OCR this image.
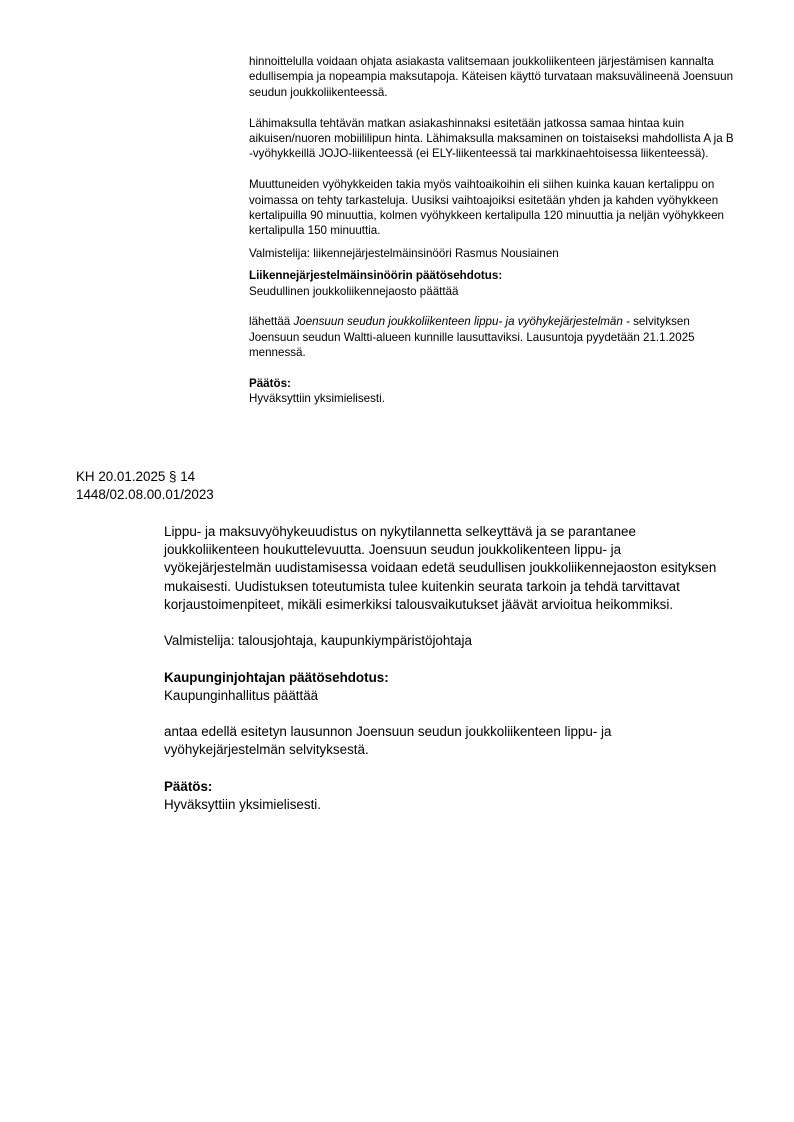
hinnoittelulla voidaan ohjata asiakasta valitsemaan joukkoliikenteen järjestämisen kannalta edullisempia ja nopeampia maksutapoja. Käteisen käyttö turvataan maksuvälineenä Joensuun seudun joukkoliikenteessä.

Lähimaksulla tehtävän matkan asiakashinnaksi esitetään jatkossa samaa hintaa kuin aikuisen/nuoren mobiililipun hinta. Lähimaksulla maksaminen on toistaiseksi mahdollista A ja B -vyöhykkeillä JOJO-liikenteessä (ei ELY-liikenteessä tai markkinaehtoisessa liikenteessä).

Muuttuneiden vyöhykkeiden takia myös vaihtoaikoihin eli siihen kuinka kauan kertalippu on voimassa on tehty tarkasteluja. Uusiksi vaihtoajoiksi esitetään yhden ja kahden vyöhykkeen kertalipuilla 90 minuuttia, kolmen vyöhykkeen kertalipulla 120 minuuttia ja neljän vyöhykkeen kertalipulla 150 minuuttia.

Valmistelija: liikennejärjestelmäinsinööri Rasmus Nousiainen

Liikennejärjestelmäinsinöörin päätösehdotus:
Seudullinen joukkoliikennejaosto päättää

lähettää Joensuun seudun joukkoliikenteen lippu- ja vyöhykejärjestelmän - selvityksen Joensuun seudun Waltti-alueen kunnille lausuttaviksi. Lausuntoja pyydetään 21.1.2025 mennessä.

Päätös:
Hyväksyttiin yksimielisesti.

KH 20.01.2025 § 14
1448/02.08.00.01/2023

Lippu- ja maksuvyöhykeuudistus on nykytilannetta selkeyttävä ja se parantanee joukkoliikenteen houkuttelevuutta. Joensuun seudun joukkolikenteen lippu- ja vyökejärjestelmän uudistamisessa voidaan edetä seudullisen joukkoliikennejaoston esityksen mukaisesti. Uudistuksen toteutumista tulee kuitenkin seurata tarkoin ja tehdä tarvittavat korjaustoimenpiteet, mikäli esimerkiksi talousvaikutukset jäävät arvioitua heikommiksi.

Valmistelija: talousjohtaja, kaupunkiympäristöjohtaja

Kaupunginjohtajan päätösehdotus:
Kaupunginhallitus päättää

antaa edellä esitetyn lausunnon Joensuun seudun joukkoliikenteen lippu- ja vyöhykejärjestelmän selvityksestä.

Päätös:
Hyväksyttiin yksimielisesti.
